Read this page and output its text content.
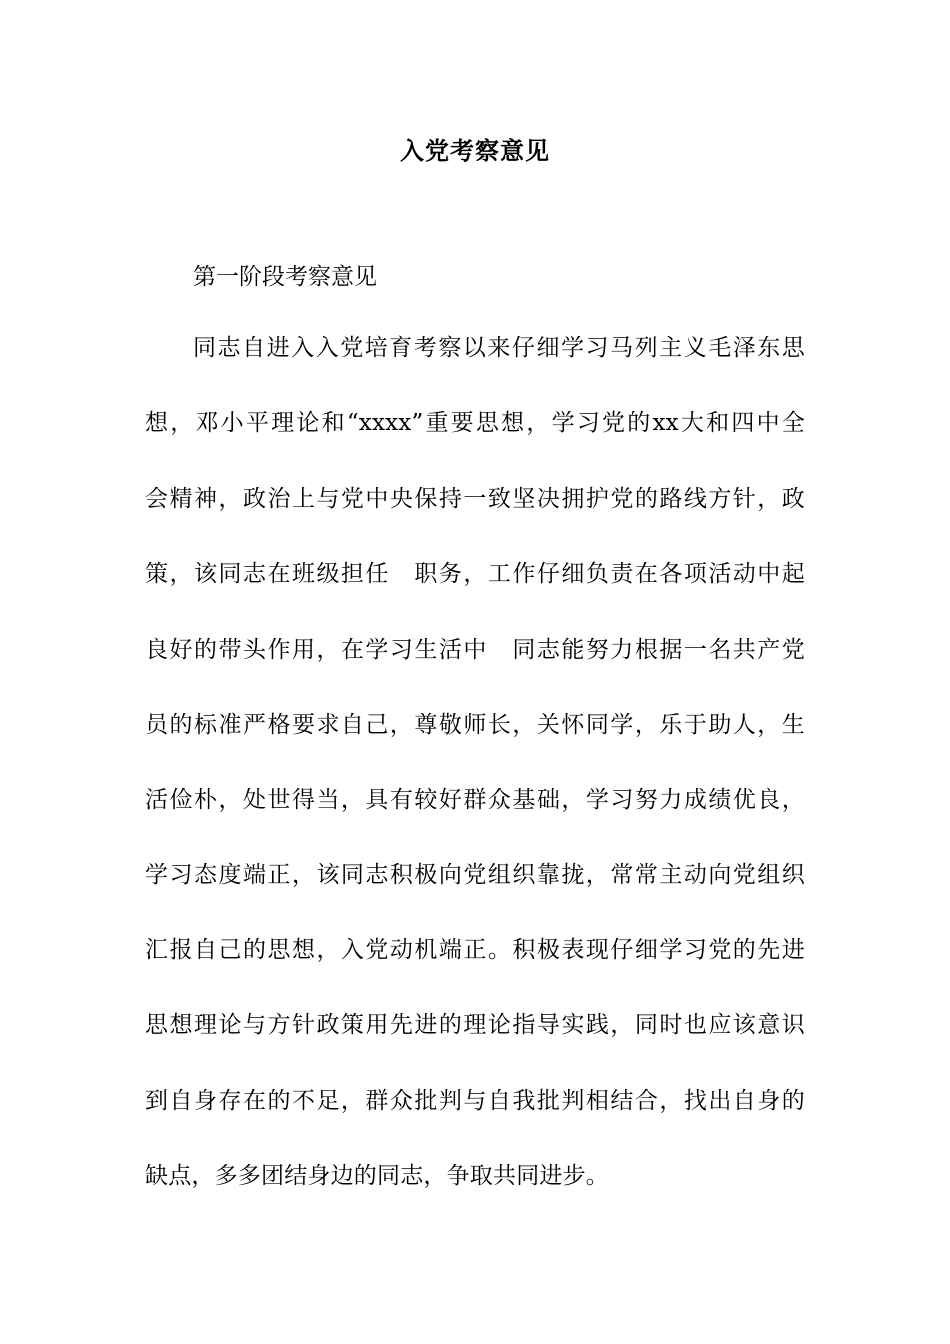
入党考察意见
第一阶段考察意见
同志自进入入党培育考察以来仔细学习马列主义毛泽东思
想，邓小平理论和“xxxx”重要思想，学习党的xx大和四中全
会精神，政治上与党中央保持一致坚决拥护党的路线方针，政
策，该同志在班级担任　职务，工作仔细负责在各项活动中起
良好的带头作用，在学习生活中　同志能努力根据一名共产党
员的标准严格要求自己，尊敬师长，关怀同学，乐于助人，生
活俭朴，处世得当，具有较好群众基础，学习努力成绩优良，
学习态度端正，该同志积极向党组织靠拢，常常主动向党组织
汇报自己的思想，入党动机端正。积极表现仔细学习党的先进
思想理论与方针政策用先进的理论指导实践，同时也应该意识
到自身存在的不足，群众批判与自我批判相结合，找出自身的
缺点，多多团结身边的同志，争取共同进步。
